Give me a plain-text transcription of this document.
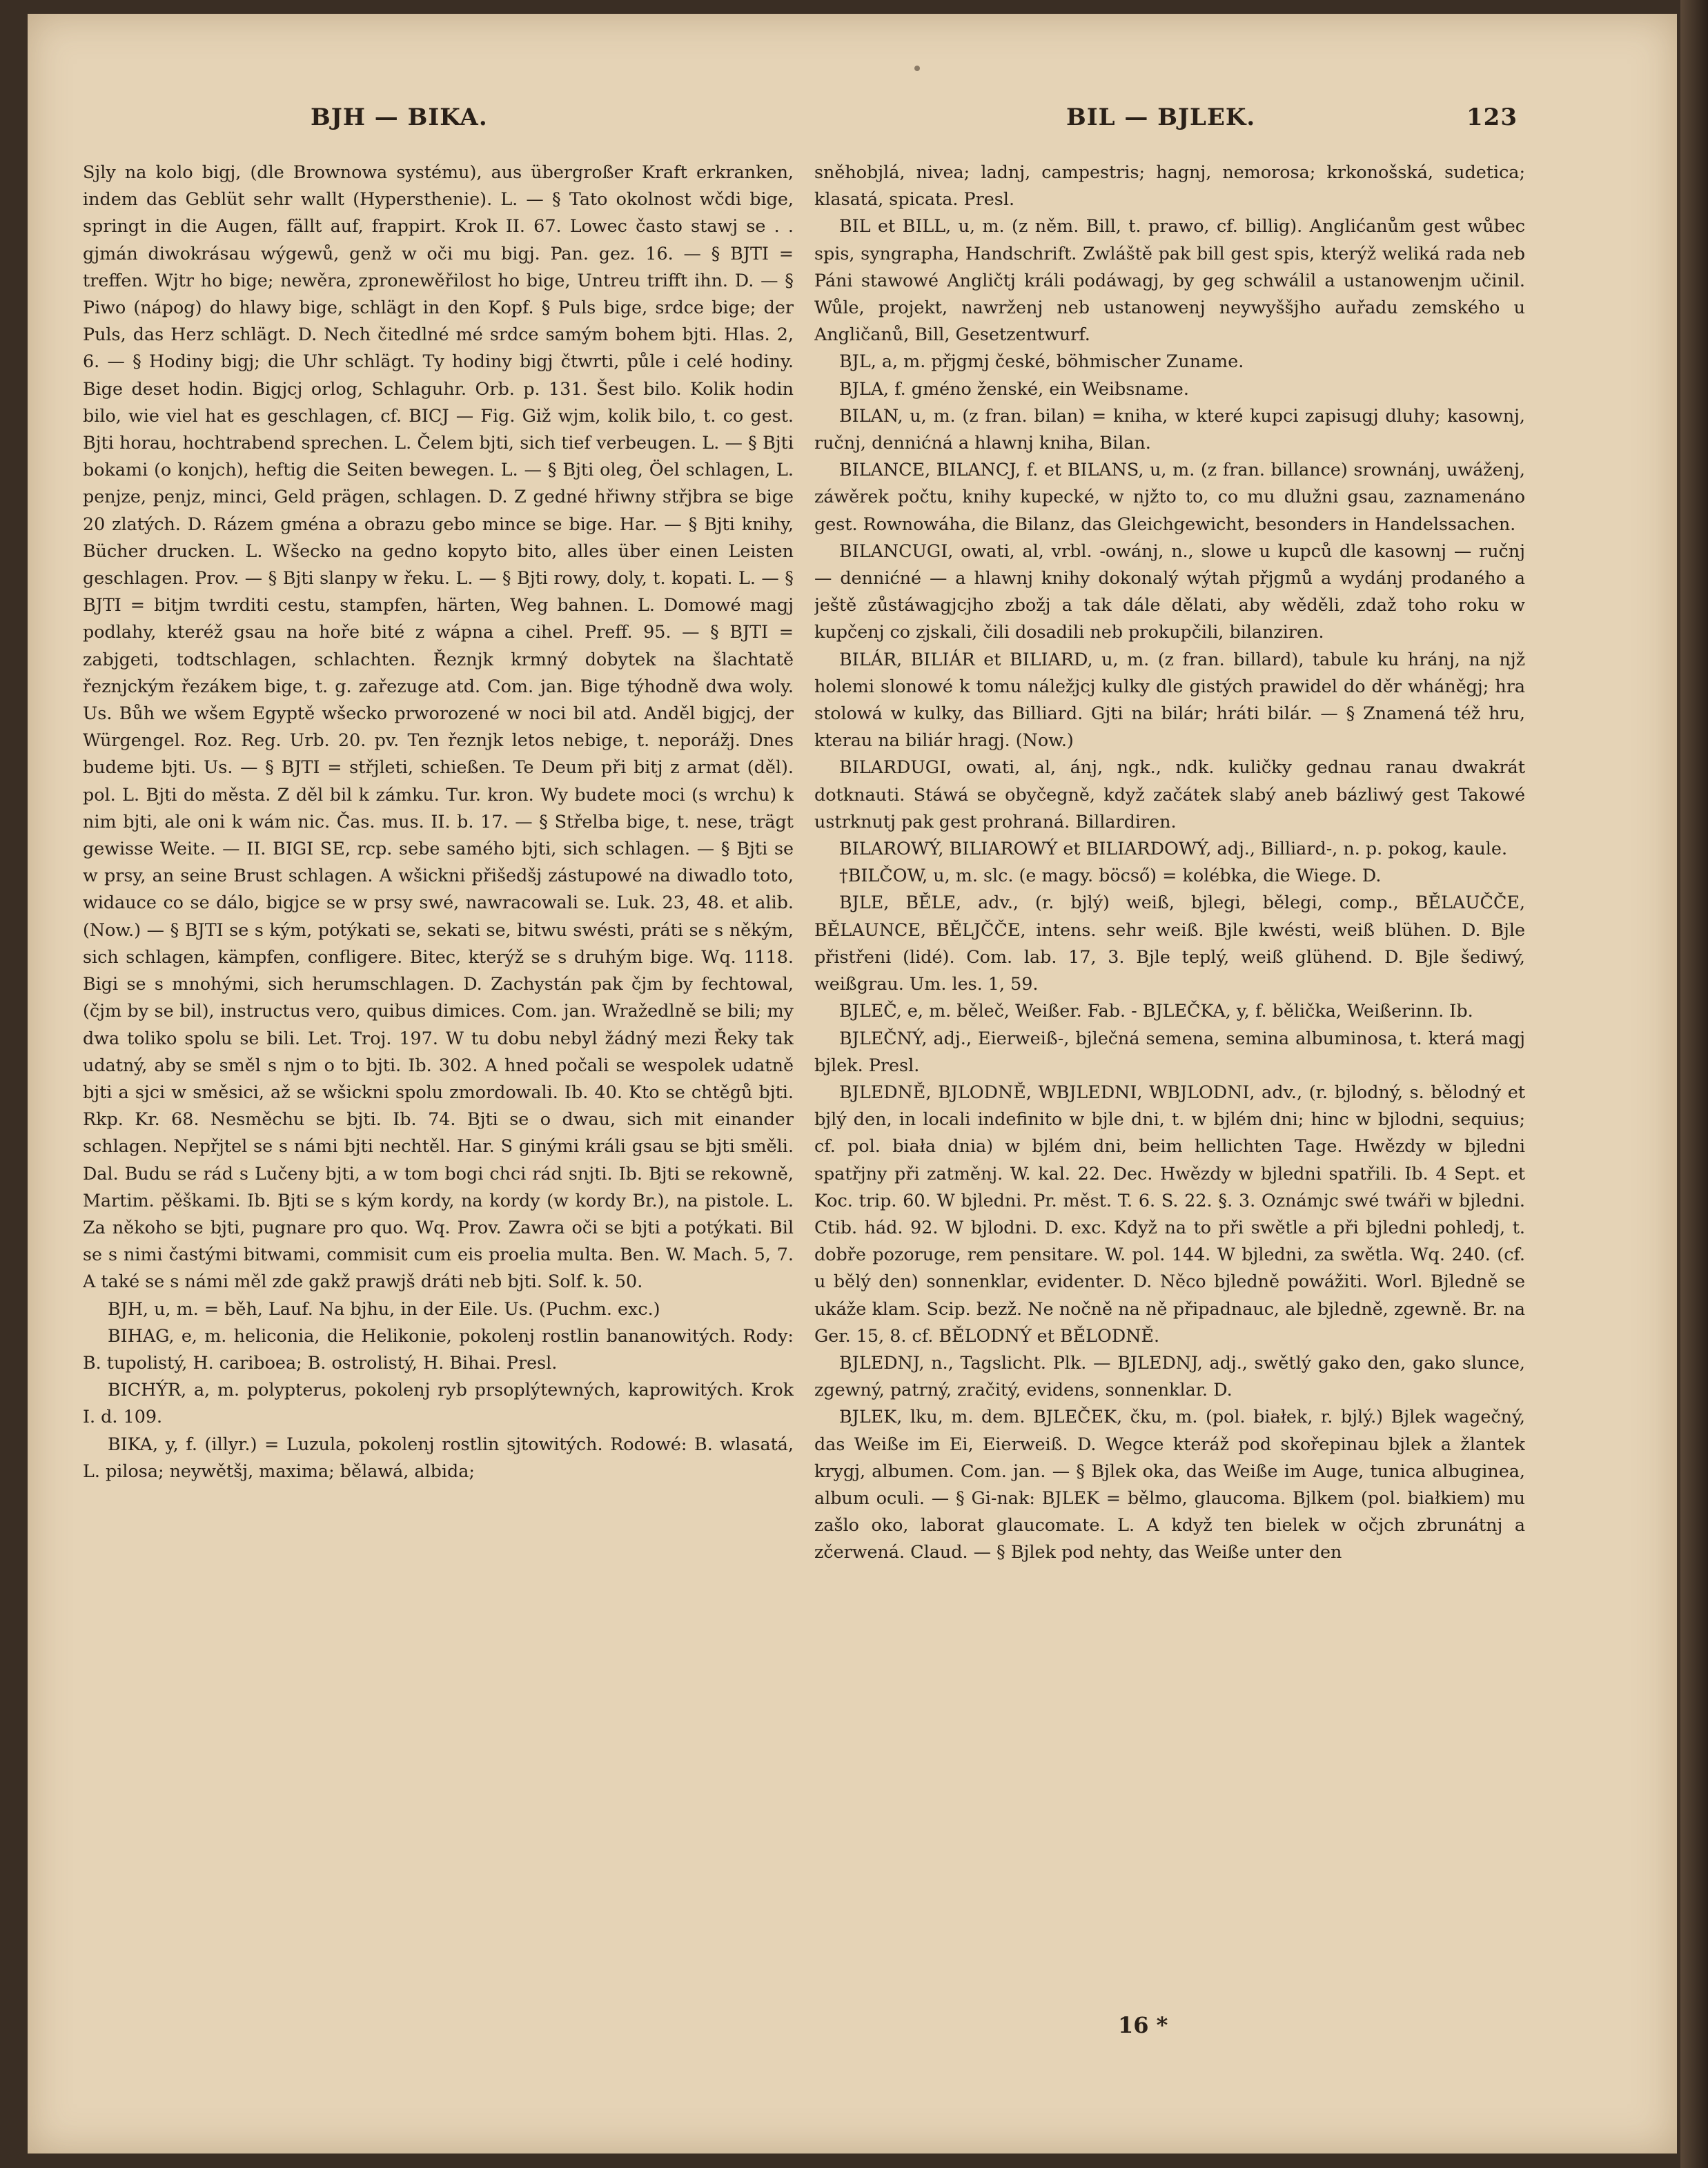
BJH — BIKA.	BIL — BJLEK.	123

Sjly na kolo bigj, (dle Brownowa systému), aus übergroßer Kraft erkranken, indem das Geblüt sehr wallt (Hypersthenie). L. — § Tato okolnost wčdi bige, springt in die Augen, fällt auf, frappirt. Krok II. 67. Lowec často stawj se . . gjmán diwokrásau wýgewů, genž w oči mu bigj. Pan. gez. 16. — § BJTI = treffen. Wjtr ho bige; newěra, zpronewěřilost ho bige, Untreu trifft ihn. D. — § Piwo (nápog) do hlawy bige, schlägt in den Kopf. § Puls bige, srdce bige; der Puls, das Herz schlägt. D. Nech čitedlné mé srdce samým bohem bjti. Hlas. 2, 6. — § Hodiny bigj; die Uhr schlägt. Ty hodiny bigj čtwrti, půle i celé hodiny. Bige deset hodin. Bigjcj orlog, Schlaguhr. Orb. p. 131. Šest bilo. Kolik hodin bilo, wie viel hat es geschlagen, cf. BICJ — Fig. Giž wjm, kolik bilo, t. co gest. Bjti horau, hochtrabend sprechen. L. Čelem bjti, sich tief verbeugen. L. — § Bjti bokami (o konjch), heftig die Seiten bewegen. L. — § Bjti oleg, Öel schlagen, L. penjze, penjz, minci, Geld prägen, schlagen. D. Z gedné hřiwny střjbra se bige 20 zlatých. D. Rázem gména a obrazu gebo mince se bige. Har. — § Bjti knihy, Bücher drucken. L. Wšecko na gedno kopyto bito, alles über einen Leisten geschlagen. Prov. — § Bjti slanpy w řeku. L. — § Bjti rowy, doly, t. kopati. L. — § BJTI = bitjm twrditi cestu, stampfen, härten, Weg bahnen. L. Domowé magj podlahy, kteréž gsau na hoře bité z wápna a cihel. Preff. 95. — § BJTI = zabjgeti, todtschlagen, schlachten. Řeznjk krmný dobytek na šlachtatě řeznjckým řezákem bige, t. g. zařezuge atd. Com. jan. Bige týhodně dwa woly. Us. Bůh we wšem Egyptě wšecko prworozené w noci bil atd. Anděl bigjcj, der Würgengel. Roz. Reg. Urb. 20. pv. Ten řeznjk letos nebige, t. neporážj. Dnes budeme bjti. Us. — § BJTI = střjleti, schießen. Te Deum při bitj z armat (děl). pol. L. Bjti do města. Z děl bil k zámku. Tur. kron. Wy budete moci (s wrchu) k nim bjti, ale oni k wám nic. Čas. mus. II. b. 17. — § Střelba bige, t. nese, trägt gewisse Weite. — II. BIGI SE, rcp. sebe samého bjti, sich schlagen. — § Bjti se w prsy, an seine Brust schlagen. A wšickni přišedšj zástupowé na diwadlo toto, widauce co se dálo, bigjce se w prsy swé, nawracowali se. Luk. 23, 48. et alib. (Now.) — § BJTI se s kým, potýkati se, sekati se, bitwu swésti, práti se s někým, sich schlagen, kämpfen, confligere. Bitec, kterýž se s druhým bige. Wq. 1118. Bigi se s mnohými, sich herumschlagen. D. Zachystán pak čjm by fechtowal, (čjm by se bil), instructus vero, quibus dimices. Com. jan. Wražedlně se bili; my dwa toliko spolu se bili. Let. Troj. 197. W tu dobu nebyl žádný mezi Řeky tak udatný, aby se směl s njm o to bjti. Ib. 302. A hned počali se wespolek udatně bjti a sjci w směsici, až se wšickni spolu zmordowali. Ib. 40. Kto se chtěgů bjti. Rkp. Kr. 68. Nesměchu se bjti. Ib. 74. Bjti se o dwau, sich mit einander schlagen. Nepřjtel se s námi bjti nechtěl. Har. S ginými králi gsau se bjti směli. Dal. Budu se rád s Lučeny bjti, a w tom bogi chci rád snjti. Ib. Bjti se rekowně, Martim. pěškami. Ib. Bjti se s kým kordy, na kordy (w kordy Br.), na pistole. L. Za někoho se bjti, pugnare pro quo. Wq. Prov. Zawra oči se bjti a potýkati. Bil se s nimi častými bitwami, commisit cum eis proelia multa. Ben. W. Mach. 5, 7. A také se s námi měl zde gakž prawjš dráti neb bjti. Solf. k. 50.

BJH, u, m. = běh, Lauf. Na bjhu, in der Eile. Us. (Puchm. exc.)

BIHAG, e, m. heliconia, die Helikonie, pokolenj rostlin bananowitých. Rody: B. tupolistý, H. cariboea; B. ostrolistý, H. Bihai. Presl.

BICHÝR, a, m. polypterus, pokolenj ryb prsoplýtewných, kaprowitých. Krok I. d. 109.

BIKA, y, f. (illyr.) = Luzula, pokolenj rostlin sjtowitých. Rodowé: B. wlasatá, L. pilosa; neywětšj, maxima; bělawá, albida;

sněhobjlá, nivea; ladnj, campestris; hagnj, nemorosa; krkonošská, sudetica; klasatá, spicata. Presl.

BIL et BILL, u, m. (z něm. Bill, t. prawo, cf. billig). Anglićanům gest wůbec spis, syngrapha, Handschrift. Zwláště pak bill gest spis, kterýž weliká rada neb Páni stawowé Angličtj králi podáwagj, by geg schwálil a ustanowenjm učinil. Wůle, projekt, nawrženj neb ustanowenj neywyššjho auřadu zemského u Angličanů, Bill, Gesetzentwurf.

BJL, a, m. přjgmj české, böhmischer Zuname.

BJLA, f. gméno ženské, ein Weibsname.

BILAN, u, m. (z fran. bilan) = kniha, w které kupci zapisugj dluhy; kasownj, ručnj, dennićná a hlawnj kniha, Bilan.

BILANCE, BILANCJ, f. et BILANS, u, m. (z fran. billance) srownánj, uwáženj, záwěrek počtu, knihy kupecké, w njžto to, co mu dlužni gsau, zaznamenáno gest. Rownowáha, die Bilanz, das Gleichgewicht, besonders in Handelssachen.

BILANCUGI, owati, al, vrbl. -owánj, n., slowe u kupců dle kasownj — ručnj — dennićné — a hlawnj knihy dokonalý wýtah přjgmů a wydánj prodaného a ještě zůstáwagjcjho zbožj a tak dále dělati, aby wěděli, zdaž toho roku w kupčenj co zjskali, čili dosadili neb prokupčili, bilanziren.

BILÁR, BILIÁR et BILIARD, u, m. (z fran. billard), tabule ku hránj, na njž holemi slonowé k tomu náležjcj kulky dle gistých prawidel do děr wháněgj; hra stolowá w kulky, das Billiard. Gjti na bilár; hráti bilár. — § Znamená též hru, kterau na biliár hragj. (Now.)

BILARDUGI, owati, al, ánj, ngk., ndk. kuličky gednau ranau dwakrát dotknauti. Stáwá se obyčegně, když začátek slabý aneb bázliwý gest Takowé ustrknutj pak gest prohraná. Billardiren.

BILAROWÝ, BILIAROWÝ et BILIARDOWÝ, adj., Billiard-, n. p. pokog, kaule.

†BILČOW, u, m. slc. (e magy. böcső) = kolébka, die Wiege. D.

BJLE, BĚLE, adv., (r. bjlý) weiß, bjlegi, bělegi, comp., BĚLAUČČE, BĚLAUNCE, BĚLJČČE, intens. sehr weiß. Bjle kwésti, weiß blühen. D. Bjle přistřeni (lidé). Com. lab. 17, 3. Bjle teplý, weiß glühend. D. Bjle šediwý, weißgrau. Um. les. 1, 59.

BJLEČ, e, m. běleč, Weißer. Fab. - BJLEČKA, y, f. bělička, Weißerinn. Ib.

BJLEČNÝ, adj., Eierweiß-, bjlečná semena, semina albuminosa, t. která magj bjlek. Presl.

BJLEDNĚ, BJLODNĚ, WBJLEDNI, WBJLODNI, adv., (r. bjlodný, s. bělodný et bjlý den, in locali indefinito w bjle dni, t. w bjlém dni; hinc w bjlodni, sequius; cf. pol. biała dnia) w bjlém dni, beim hellichten Tage. Hwězdy w bjledni spatřjny při zatměnj. W. kal. 22. Dec. Hwězdy w bjledni spatřili. Ib. 4 Sept. et Koc. trip. 60. W bjledni. Pr. měst. T. 6. S. 22. §. 3. Oznámjc swé twáři w bjledni. Ctib. hád. 92. W bjlodni. D. exc. Když na to při swětle a při bjledni pohledj, t. dobře pozoruge, rem pensitare. W. pol. 144. W bjledni, za swětla. Wq. 240. (cf. u bělý den) sonnenklar, evidenter. D. Něco bjledně powážiti. Worl. Bjledně se ukáže klam. Scip. bezž. Ne nočně na ně připadnauc, ale bjledně, zgewně. Br. na Ger. 15, 8. cf. BĚLODNÝ et BĚLODNĚ.

BJLEDNJ, n., Tagslicht. Plk. — BJLEDNJ, adj., swětlý gako den, gako slunce, zgewný, patrný, zračitý, evidens, sonnenklar. D.

BJLEK, lku, m. dem. BJLEČEK, čku, m. (pol. białek, r. bjlý.) Bjlek wagečný, das Weiße im Ei, Eierweiß. D. Wegce kteráž pod skořepinau bjlek a žlantek krygj, albumen. Com. jan. — § Bjlek oka, das Weiße im Auge, tunica albuginea, album oculi. — § Gi-nak: BJLEK = bělmo, glaucoma. Bjlkem (pol. białkiem) mu zašlo oko, laborat glaucomate. L. A když ten bielek w očjch zbrunátnj a zčerwená. Claud. — § Bjlek pod nehty, das Weiße unter den

16 *
